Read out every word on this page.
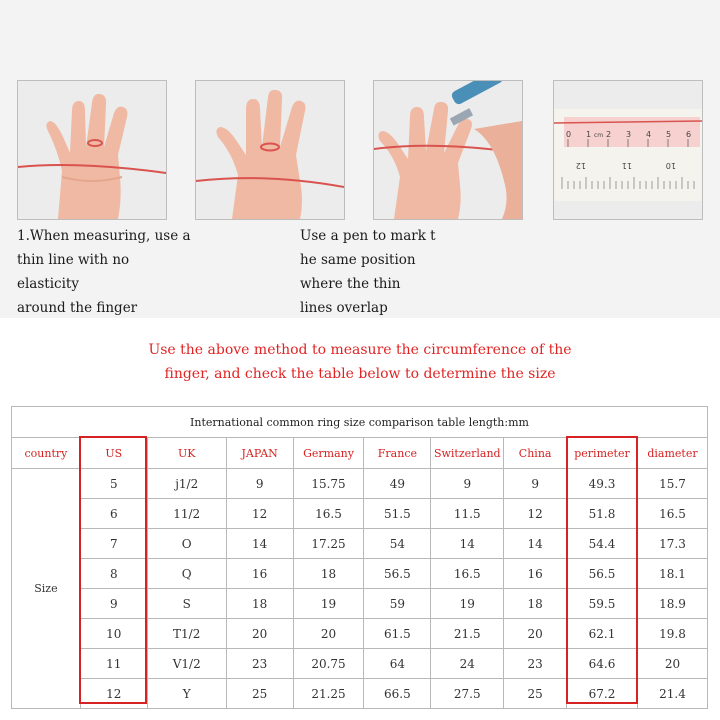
0 1 cm 2 3 4 5 6
12	11	10
1.When measuring, use a
thin line with no
elasticity
around the finger
Use a pen to mark t
he same position
where the thin
lines overlap
Use the above method to measure the circumference of the
finger, and check the table below to determine the size
International common ring size comparison table length:mm									
country	US	UK	JAPAN	Germany	France	Switzerland	China	perimeter	diameter
Size	5	j1/2	9	15.75	49	9	9	49.3	15.7
	6	11/2	12	16.5	51.5	11.5	12	51.8	16.5
	7	O	14	17.25	54	14	14	54.4	17.3
	8	Q	16	18	56.5	16.5	16	56.5	18.1
	9	S	18	19	59	19	18	59.5	18.9
	10	T1/2	20	20	61.5	21.5	20	62.1	19.8
	11	V1/2	23	20.75	64	24	23	64.6	20
	12	Y	25	21.25	66.5	27.5	25	67.2	21.4
